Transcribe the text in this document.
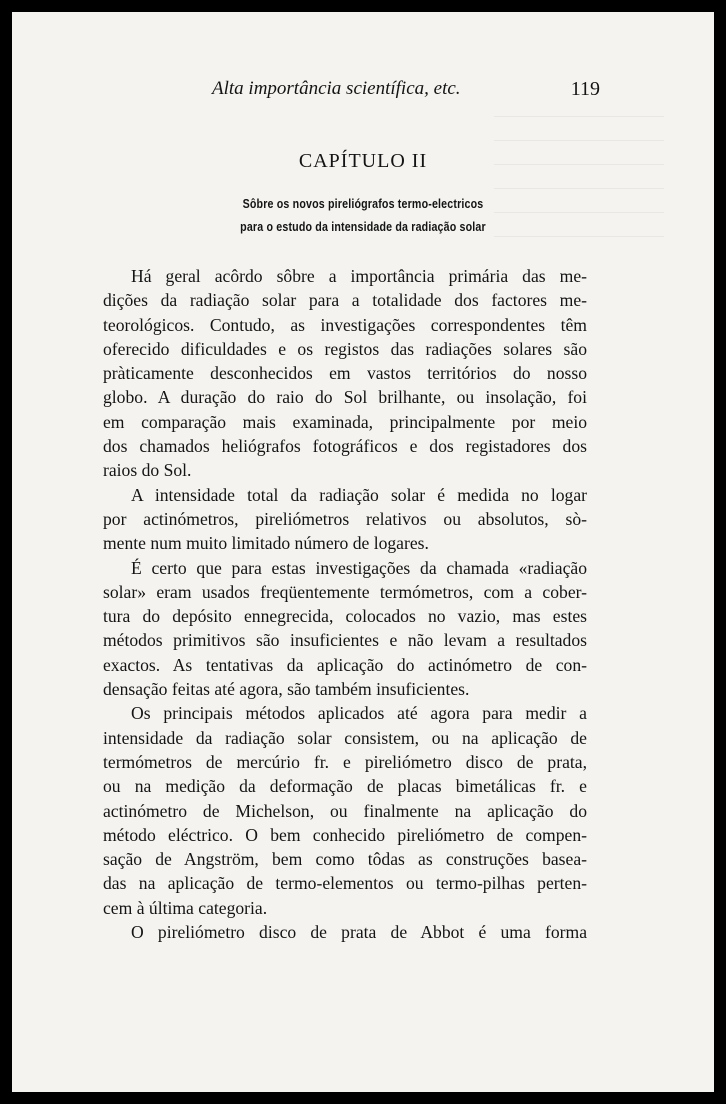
Alta importância scientífica, etc.	119
CAPÍTULO II
Sôbre os novos pireliógrafos termo-electricos
para o estudo da intensidade da radiação solar
Há geral acôrdo sôbre a importância primária das me-
dições da radiação solar para a totalidade dos factores me-
teorológicos. Contudo, as investigações correspondentes têm
oferecido dificuldades e os registos das radiações solares são
pràticamente desconhecidos em vastos territórios do nosso
globo. A duração do raio do Sol brilhante, ou insolação, foi
em comparação mais examinada, principalmente por meio
dos chamados heliógrafos fotográficos e dos registadores dos
raios do Sol.
A intensidade total da radiação solar é medida no logar
por actinómetros, pireliómetros relativos ou absolutos, sò-
mente num muito limitado número de logares.
É certo que para estas investigações da chamada «radiação
solar» eram usados freqüentemente termómetros, com a cober-
tura do depósito ennegrecida, colocados no vazio, mas estes
métodos primitivos são insuficientes e não levam a resultados
exactos. As tentativas da aplicação do actinómetro de con-
densação feitas até agora, são também insuficientes.
Os principais métodos aplicados até agora para medir a
intensidade da radiação solar consistem, ou na aplicação de
termómetros de mercúrio fr. e pireliómetro disco de prata,
ou na medição da deformação de placas bimetálicas fr. e
actinómetro de Michelson, ou finalmente na aplicação do
método eléctrico. O bem conhecido pireliómetro de compen-
sação de Angström, bem como tôdas as construções basea-
das na aplicação de termo-elementos ou termo-pilhas perten-
cem à última categoria.
O pireliómetro disco de prata de Abbot é uma forma
